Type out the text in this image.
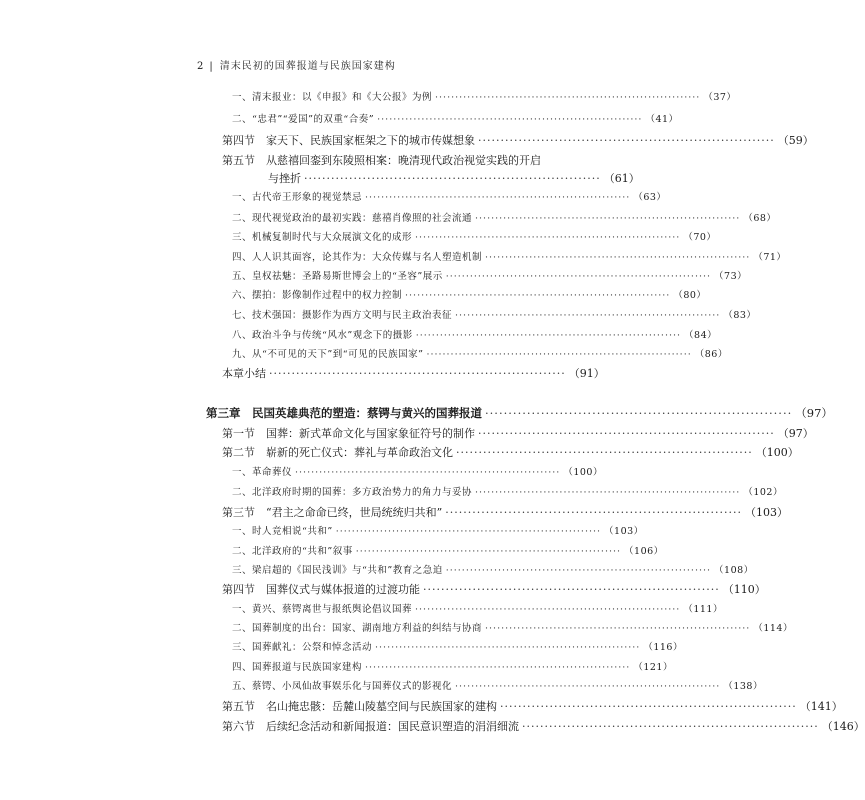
2 | 清末民初的国葬报道与民族国家建构
一、清末报业：以《申报》和《大公报》为例 ·································································· （37）
二、“忠君”“爱国”的双重“合奏” ·································································· （41）
第四节　家天下、民族国家框架之下的城市传媒想象 ·································································· （59）
第五节　从慈禧回銮到东陵照相案：晚清现代政治视觉实践的开启
与挫折 ·································································· （61）
一、古代帝王形象的视觉禁忌 ·································································· （63）
二、现代视觉政治的最初实践：慈禧肖像照的社会流通 ·································································· （68）
三、机械复制时代与大众展演文化的成形 ·································································· （70）
四、人人识其面容，论其作为：大众传媒与名人塑造机制 ·································································· （71）
五、皇权祛魅：圣路易斯世博会上的“圣容”展示 ·································································· （73）
六、摆拍：影像制作过程中的权力控制 ·································································· （80）
七、技术强国：摄影作为西方文明与民主政治表征 ·································································· （83）
八、政治斗争与传统“风水”观念下的摄影 ·································································· （84）
九、从“不可见的天下”到“可见的民族国家” ·································································· （86）
本章小结 ·································································· （91）
第三章　民国英雄典范的塑造：蔡锷与黄兴的国葬报道 ·································································· （97）
第一节　国葬：新式革命文化与国家象征符号的制作 ·································································· （97）
第二节　崭新的死亡仪式：葬礼与革命政治文化 ·································································· （100）
一、革命葬仪 ·································································· （100）
二、北洋政府时期的国葬：多方政治势力的角力与妥协 ·································································· （102）
第三节　“君主之命命已终，世局统统归共和” ·································································· （103）
一、时人竞相说“共和” ·································································· （103）
二、北洋政府的“共和”叙事 ·································································· （106）
三、梁启超的《国民浅训》与“共和”教育之急迫 ·································································· （108）
第四节　国葬仪式与媒体报道的过渡功能 ·································································· （110）
一、黄兴、蔡锷离世与报纸舆论倡议国葬 ·································································· （111）
二、国葬制度的出台：国家、湖南地方利益的纠结与协商 ·································································· （114）
三、国葬献礼：公祭和悼念活动 ·································································· （116）
四、国葬报道与民族国家建构 ·································································· （121）
五、蔡锷、小凤仙故事娱乐化与国葬仪式的影视化 ·································································· （138）
第五节　名山掩忠骸：岳麓山陵墓空间与民族国家的建构 ·································································· （141）
第六节　后续纪念活动和新闻报道：国民意识塑造的涓涓细流 ·································································· （146）
